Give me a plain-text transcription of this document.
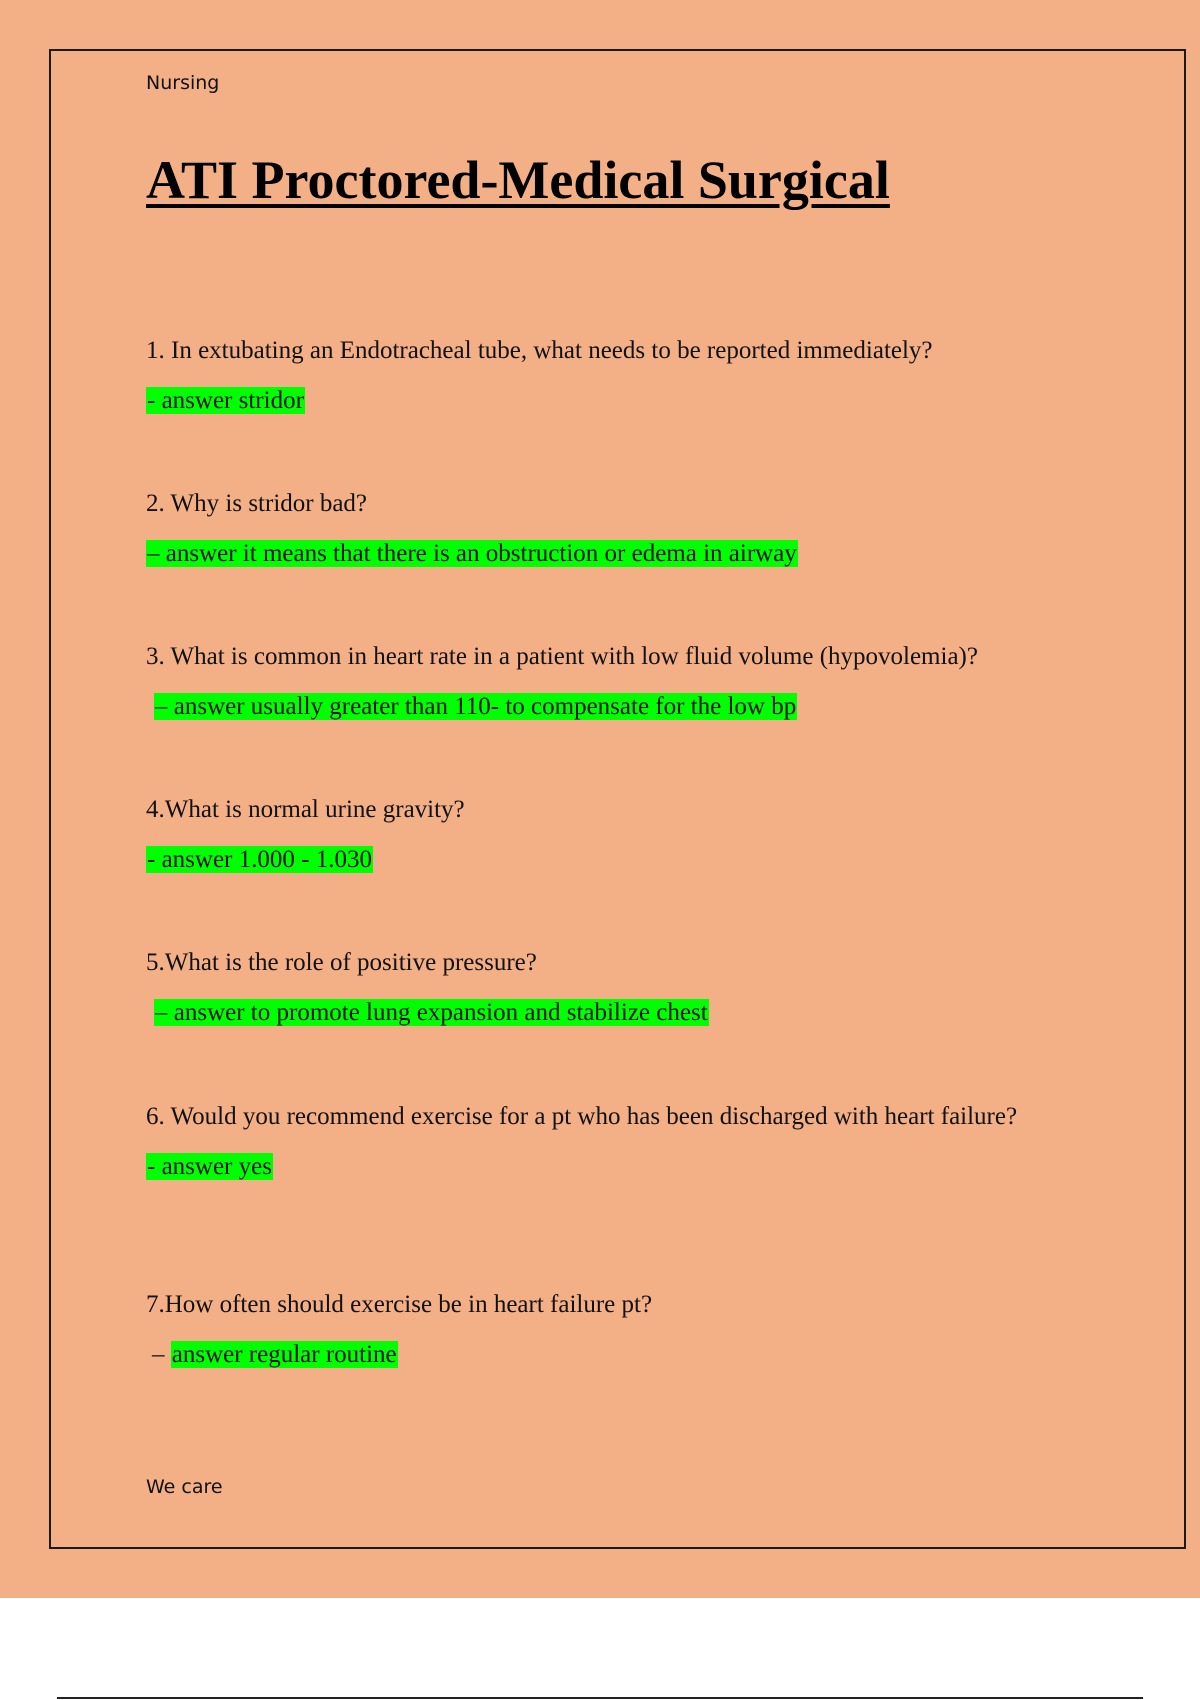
Nursing
ATI Proctored-Medical Surgical

1. In extubating an Endotracheal tube, what needs to be reported immediately?

- answer stridor

2. Why is stridor bad?

– answer it means that there is an obstruction or edema in airway

3. What is common in heart rate in a patient with low fluid volume (hypovolemia)?

– answer usually greater than 110- to compensate for the low bp

4.What is normal urine gravity?

- answer 1.000 - 1.030

5.What is the role of positive pressure?

– answer to promote lung expansion and stabilize chest

6. Would you recommend exercise for a pt who has been discharged with heart failure?

- answer yes

7.How often should exercise be in heart failure pt?

– answer regular routine

We care
